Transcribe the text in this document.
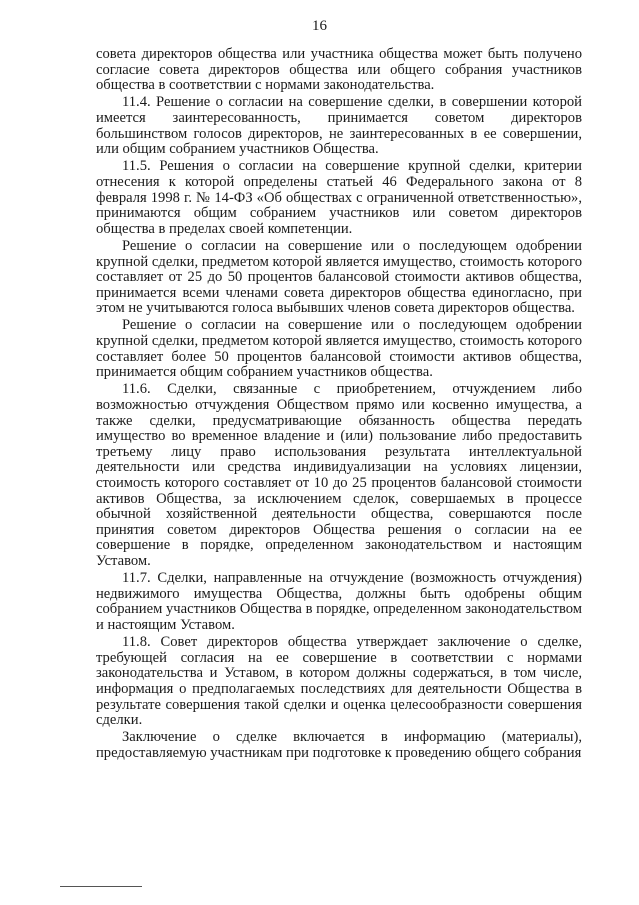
16

совета директоров общества или участника общества может быть получено согласие совета директоров общества или общего собрания участников общества в соответствии с нормами законодательства.

11.4. Решение о согласии на совершение сделки, в совершении которой имеется заинтересованность, принимается советом директоров большинством голосов директоров, не заинтересованных в ее совершении, или общим собранием участников Общества.

11.5. Решения о согласии на совершение крупной сделки, критерии отнесения к которой определены статьей 46 Федерального закона от 8 февраля 1998 г. № 14-ФЗ «Об обществах с ограниченной ответственностью», принимаются общим собранием участников или советом директоров общества в пределах своей компетенции.

Решение о согласии на совершение или о последующем одобрении крупной сделки, предметом которой является имущество, стоимость которого составляет от 25 до 50 процентов балансовой стоимости активов общества, принимается всеми членами совета директоров общества единогласно, при этом не учитываются голоса выбывших членов совета директоров общества.

Решение о согласии на совершение или о последующем одобрении крупной сделки, предметом которой является имущество, стоимость которого составляет более 50 процентов балансовой стоимости активов общества, принимается общим собранием участников общества.

11.6. Сделки, связанные с приобретением, отчуждением либо возможностью отчуждения Обществом прямо или косвенно имущества, а также сделки, предусматривающие обязанность общества передать имущество во временное владение и (или) пользование либо предоставить третьему лицу право использования результата интеллектуальной деятельности или средства индивидуализации на условиях лицензии, стоимость которого составляет от 10 до 25 процентов балансовой стоимости активов Общества, за исключением сделок, совершаемых в процессе обычной хозяйственной деятельности общества, совершаются после принятия советом директоров Общества решения о согласии на ее совершение в порядке, определенном законодательством и настоящим Уставом.

11.7. Сделки, направленные на отчуждение (возможность отчуждения) недвижимого имущества Общества, должны быть одобрены общим собранием участников Общества в порядке, определенном законодательством и настоящим Уставом.

11.8. Совет директоров общества утверждает заключение о сделке, требующей согласия на ее совершение в соответствии с нормами законодательства и Уставом, в котором должны содержаться, в том числе, информация о предполагаемых последствиях для деятельности Общества в результате совершения такой сделки и оценка целесообразности совершения сделки.

Заключение о сделке включается в информацию (материалы), предоставляемую участникам при подготовке к проведению общего собрания
